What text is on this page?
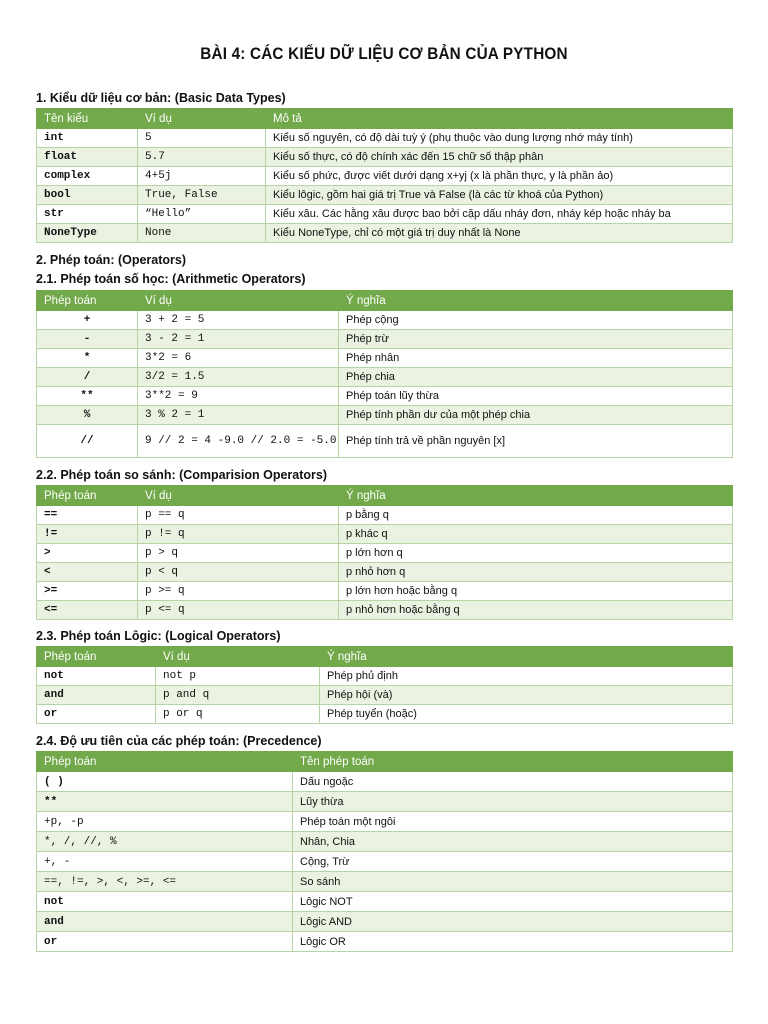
BÀI 4: CÁC KIỂU DỮ LIỆU CƠ BẢN CỦA PYTHON
1. Kiểu dữ liệu cơ bản: (Basic Data Types)
Tên kiểu	Ví dụ	Mô tả
int	5	Kiểu số nguyên, có độ dài tuỳ ý (phụ thuộc vào dung lượng nhớ máy tính)
float	5.7	Kiểu số thực, có độ chính xác đến 15 chữ số thập phân
complex	4+5j	Kiểu số phức, được viết dưới dạng x+yj (x là phần thực, y là phần ảo)
bool	True, False	Kiểu lôgic, gồm hai giá trị True và False (là các từ khoá của Python)
str	“Hello”	Kiểu xâu. Các hằng xâu được bao bởi cặp dấu nháy đơn, nháy kép hoặc nháy ba
NoneType	None	Kiểu NoneType, chỉ có một giá trị duy nhất là None
2. Phép toán: (Operators)
2.1. Phép toán số học: (Arithmetic Operators)
Phép toán	Ví dụ	Ý nghĩa
+	3 + 2 = 5	Phép cộng
-	3 - 2 = 1	Phép trừ
*	3*2 = 6	Phép nhân
/	3/2 = 1.5	Phép chia
**	3**2 = 9	Phép toán lũy thừa
%	3 % 2 = 1	Phép tính phần dư của một phép chia
//	9 // 2 = 4 -9.0 // 2.0 = -5.0	Phép tính trả về phần nguyên [x]
2.2. Phép toán so sánh: (Comparision Operators)
Phép toán	Ví dụ	Ý nghĩa
==	p == q	p bằng q
!=	p != q	p khác q
>	p > q	p lớn hơn q
<	p < q	p nhỏ hơn q
>=	p >= q	p lớn hơn hoặc bằng q
<=	p <= q	p nhỏ hơn hoặc bằng q
2.3. Phép toán Lôgic: (Logical Operators)
Phép toán	Ví dụ	Ý nghĩa
not	not p	Phép phủ định
and	p and q	Phép hội (và)
or	p or q	Phép tuyển (hoặc)
2.4. Độ ưu tiên của các phép toán: (Precedence)
Phép toán	Tên phép toán
( )	Dấu ngoặc
**	Lũy thừa
+p, -p	Phép toán một ngôi
*, /, //, %	Nhân, Chia
+, -	Cộng, Trừ
==, !=, >, <, >=, <=	So sánh
not	Lôgic NOT
and	Lôgic AND
or	Lôgic OR
